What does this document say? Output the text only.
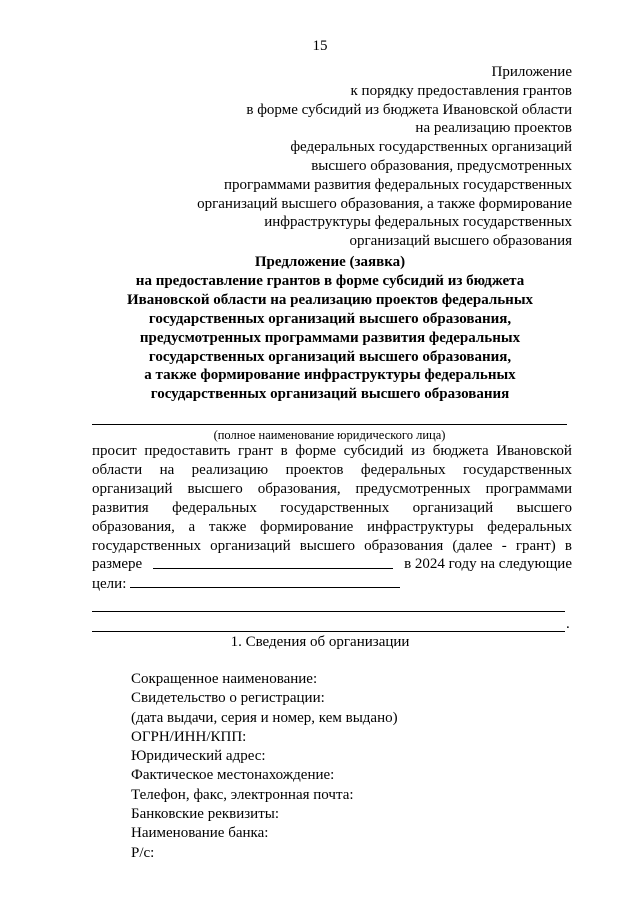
15
Приложение
к порядку предоставления грантов
в форме субсидий из бюджета Ивановской области
на реализацию проектов
федеральных государственных организаций
высшего образования, предусмотренных
программами развития федеральных государственных
организаций высшего образования, а также формирование
инфраструктуры федеральных государственных
организаций высшего образования
Предложение (заявка)
на предоставление грантов в форме субсидий из бюджета
Ивановской области на реализацию проектов федеральных
государственных организаций высшего образования,
предусмотренных программами развития федеральных
государственных организаций высшего образования,
а также формирование инфраструктуры федеральных
государственных организаций высшего образования
(полное наименование юридического лица)
просит предоставить грант в форме субсидий из бюджета Ивановской
области на реализацию проектов федеральных государственных
организаций высшего образования, предусмотренных программами
развития федеральных государственных организаций высшего
образования, а также формирование инфраструктуры федеральных
государственных организаций высшего образования (далее - грант) в
размере	в 2024 году на следующие
цели:
.
1. Сведения об организации
Сокращенное наименование:
Свидетельство о регистрации:
(дата выдачи, серия и номер, кем выдано)
ОГРН/ИНН/КПП:
Юридический адрес:
Фактическое местонахождение:
Телефон, факс, электронная почта:
Банковские реквизиты:
Наименование банка:
Р/с:
